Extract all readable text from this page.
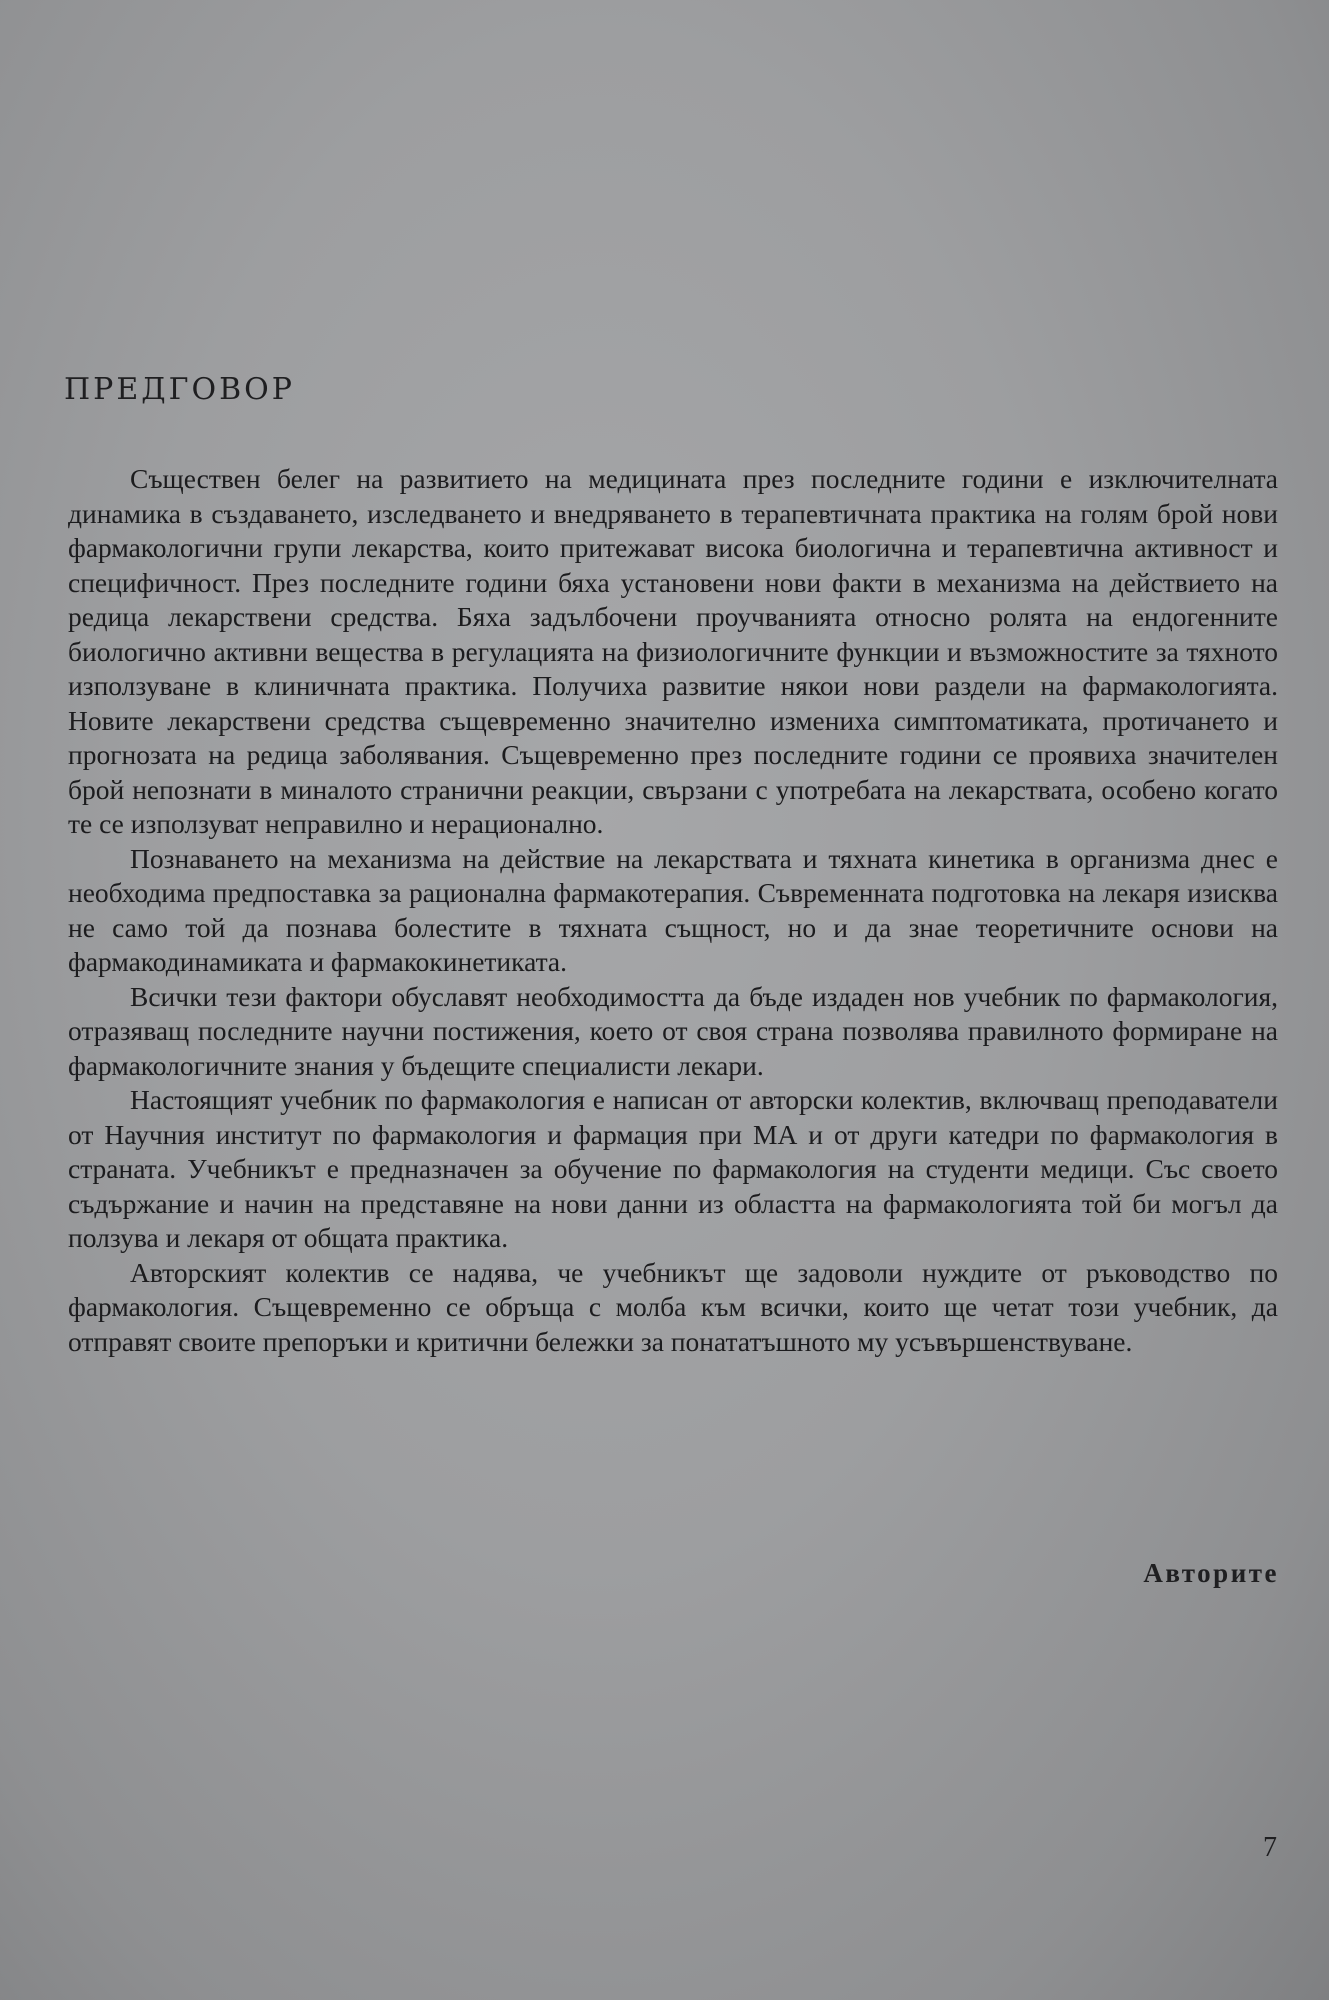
ПРЕДГОВОР

Съществен белег на развитието на медицината през последните години е изключителната динамика в създаването, изследването и внедряването в терапевтичната практика на голям брой нови фармакологични групи лекарства, които притежават висока биологична и терапевтична активност и специфичност. През последните години бяха установени нови факти в механизма на действието на редица лекарствени средства. Бяха задълбочени проучванията относно ролята на ендогенните биологично активни вещества в регулацията на физиологичните функции и възможностите за тяхното използуване в клиничната практика. Получиха развитие някои нови раздели на фармакологията. Новите лекарствени средства същевременно значително измениха симптоматиката, протичането и прогнозата на редица заболявания. Същевременно през последните години се проявиха значителен брой непознати в миналото странични реакции, свързани с употребата на лекарствата, особено когато те се използуват неправилно и нерационално.

Познаването на механизма на действие на лекарствата и тяхната кинетика в организма днес е необходима предпоставка за рационална фармакотерапия. Съвременната подготовка на лекаря изисква не само той да познава болестите в тяхната същност, но и да знае теоретичните основи на фармакодинамиката и фармакокинетиката.

Всички тези фактори обуславят необходимостта да бъде издаден нов учебник по фармакология, отразяващ последните научни постижения, което от своя страна позволява правилното формиране на фармакологичните знания у бъдещите специалисти лекари.

Настоящият учебник по фармакология е написан от авторски колектив, включващ преподаватели от Научния институт по фармакология и фармация при МА и от други катедри по фармакология в страната. Учебникът е предназначен за обучение по фармакология на студенти медици. Със своето съдържание и начин на представяне на нови данни из областта на фармакологията той би могъл да ползува и лекаря от общата практика.

Авторският колектив се надява, че учебникът ще задоволи нуждите от ръководство по фармакология. Същевременно се обръща с молба към всички, които ще четат този учебник, да отправят своите препоръки и критични бележки за понататъшното му усъвършенствуване.

Авторите

7
